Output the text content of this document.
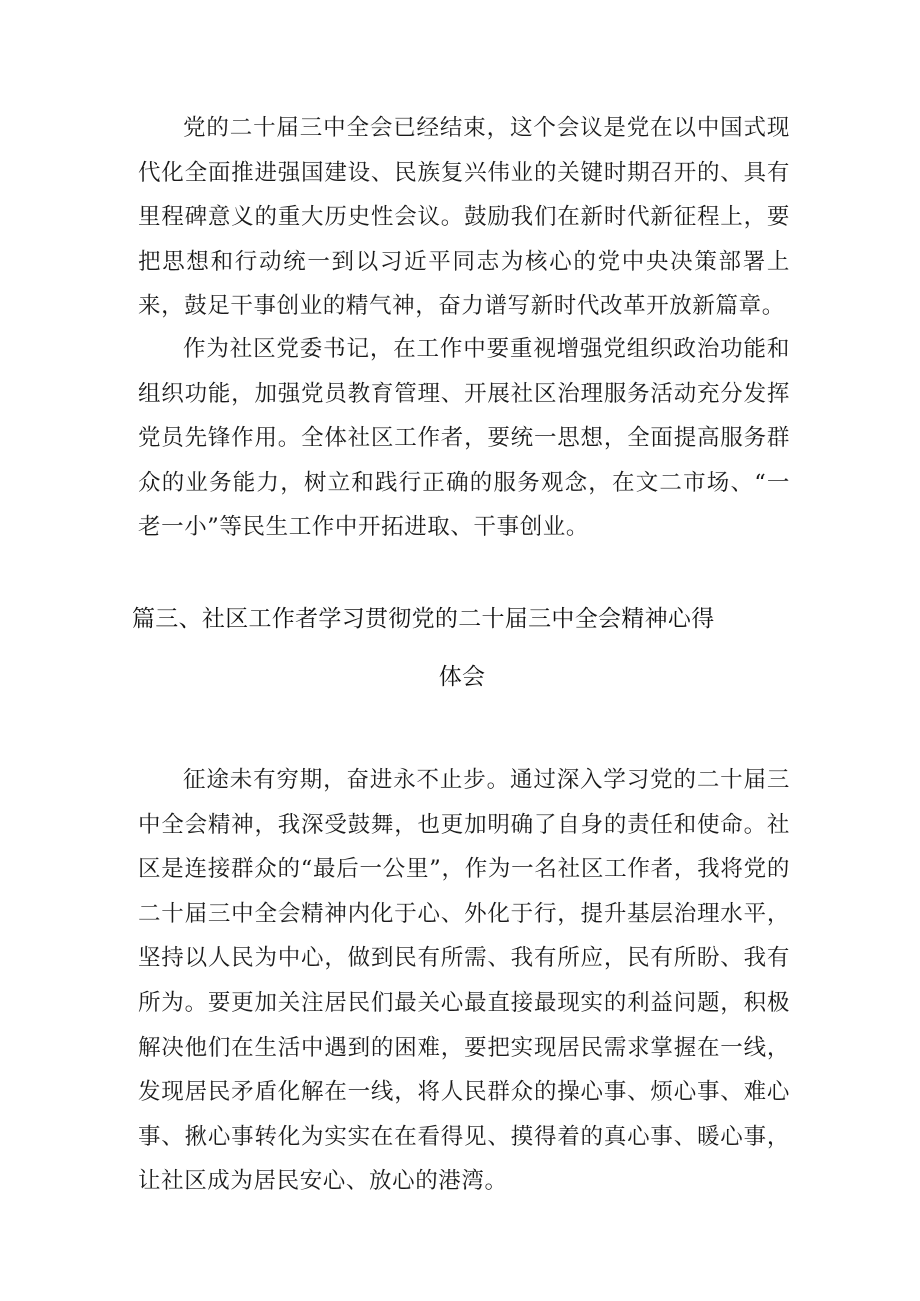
党的二十届三中全会已经结束，这个会议是党在以中国式现代化全面推进强国建设、民族复兴伟业的关键时期召开的、具有里程碑意义的重大历史性会议。鼓励我们在新时代新征程上，要把思想和行动统一到以习近平同志为核心的党中央决策部署上来，鼓足干事创业的精气神，奋力谱写新时代改革开放新篇章。

作为社区党委书记，在工作中要重视增强党组织政治功能和组织功能，加强党员教育管理、开展社区治理服务活动充分发挥党员先锋作用。全体社区工作者，要统一思想，全面提高服务群众的业务能力，树立和践行正确的服务观念，在文二市场、“一老一小”等民生工作中开拓进取、干事创业。

篇三、社区工作者学习贯彻党的二十届三中全会精神心得
体会

征途未有穷期，奋进永不止步。通过深入学习党的二十届三中全会精神，我深受鼓舞，也更加明确了自身的责任和使命。社区是连接群众的“最后一公里”，作为一名社区工作者，我将党的二十届三中全会精神内化于心、外化于行，提升基层治理水平，坚持以人民为中心，做到民有所需、我有所应，民有所盼、我有所为。要更加关注居民们最关心最直接最现实的利益问题，积极解决他们在生活中遇到的困难，要把实现居民需求掌握在一线，发现居民矛盾化解在一线，将人民群众的操心事、烦心事、难心事、揪心事转化为实实在在看得见、摸得着的真心事、暖心事，让社区成为居民安心、放心的港湾。
